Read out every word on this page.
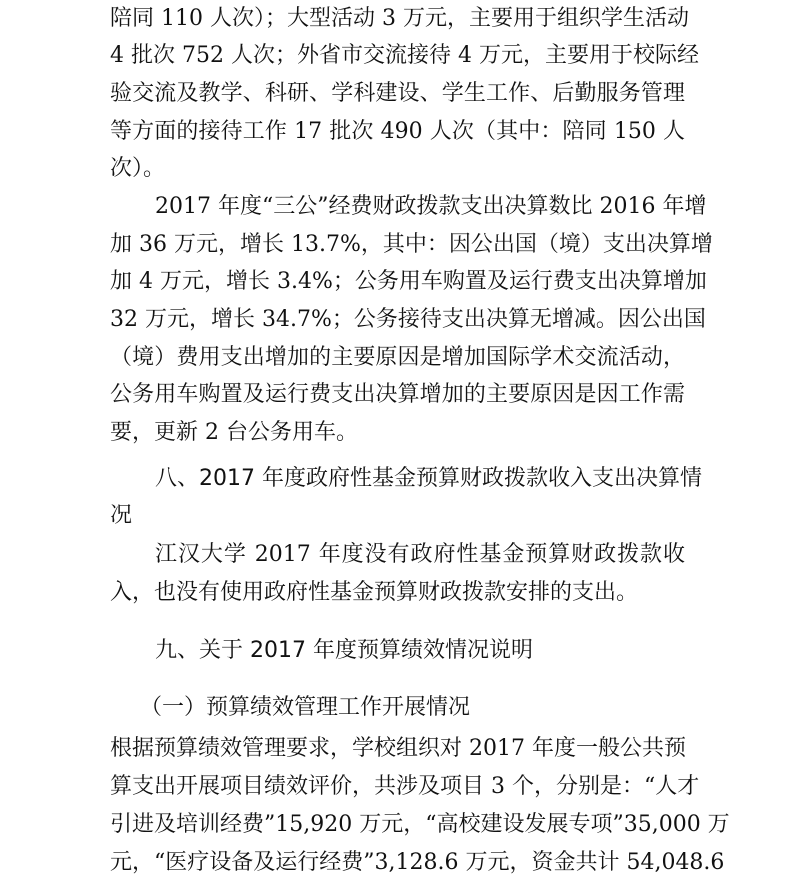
陪同 110 人次）；大型活动 3 万元，主要用于组织学生活动
4 批次 752 人次；外省市交流接待 4 万元，主要用于校际经
验交流及教学、科研、学科建设、学生工作、后勤服务管理
等方面的接待工作 17 批次 490 人次（其中：陪同 150 人
次）。
2017 年度“三公”经费财政拨款支出决算数比 2016 年增
加 36 万元，增长 13.7%，其中：因公出国（境）支出决算增
加 4 万元，增长 3.4%；公务用车购置及运行费支出决算增加
32 万元，增长 34.7%；公务接待支出决算无增减。因公出国
（境）费用支出增加的主要原因是增加国际学术交流活动，
公务用车购置及运行费支出决算增加的主要原因是因工作需
要，更新 2 台公务用车。
八、2017 年度政府性基金预算财政拨款收入支出决算情
况
江汉大学 2017 年度没有政府性基金预算财政拨款收
入，也没有使用政府性基金预算财政拨款安排的支出。
九、关于 2017 年度预算绩效情况说明
（一）预算绩效管理工作开展情况
根据预算绩效管理要求，学校组织对 2017 年度一般公共预
算支出开展项目绩效评价，共涉及项目 3 个，分别是：“人才
引进及培训经费”15,920 万元，“高校建设发展专项”35,000 万
元，“医疗设备及运行经费”3,128.6 万元，资金共计 54,048.6
